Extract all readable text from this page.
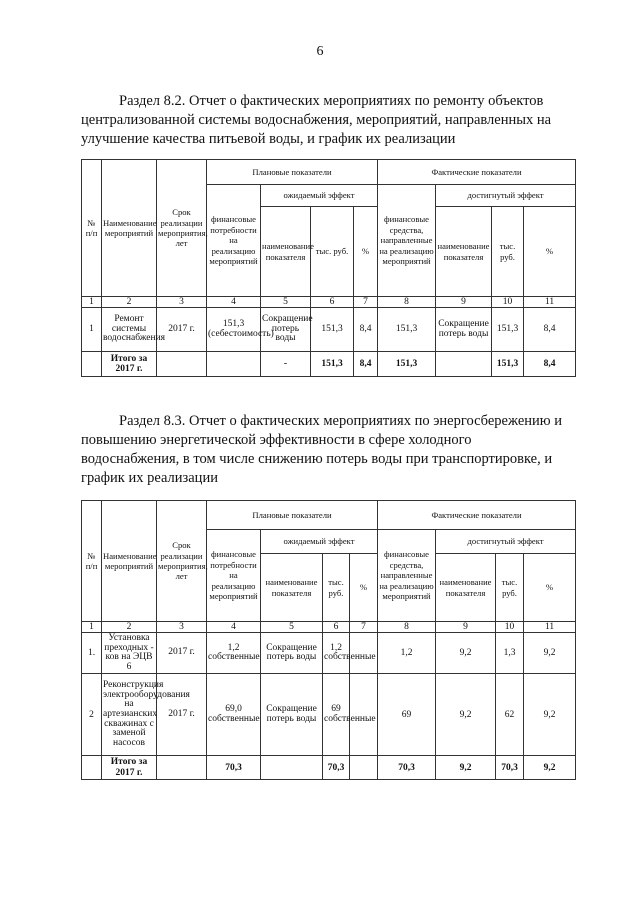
6
Раздел 8.2. Отчет о фактических мероприятиях по ремонту объектов
централизованной системы водоснабжения, мероприятий, направленных на
улучшение качества питьевой воды, и график их реализации
№ п/п	Наименование мероприятий	Срок реализации мероприятия, лет	Плановые показатели				Фактические показатели			
			финансовые потребности на реализацию мероприятий	ожидаемый эффект			финансовые средства, направленные на реализацию мероприятий	достигнутый эффект		
				наименование показателя	тыс. руб.	%		наименование показателя	тыс. руб.	%
1	2	3	4	5	6	7	8	9	10	11
1	Ремонт системы водоснабжения	2017 г.	151,3 (себестоимость)	Сокращение потерь воды	151,3	8,4	151,3	Сокращение потерь воды	151,3	8,4
	Итого за 2017 г.			-	151,3	8,4	151,3		151,3	8,4
Раздел 8.3. Отчет о фактических мероприятиях по энергосбережению и
повышению энергетической эффективности в сфере холодного
водоснабжения, в том числе снижению потерь воды при транспортировке, и
график их реализации
№ п/п	Наименование мероприятий	Срок реализации мероприятия, лет	Плановые показатели				Фактические показатели			
			финансовые потребности на реализацию мероприятий	ожидаемый эффект			финансовые средства, направленные на реализацию мероприятий	достигнутый эффект		
				наименование показателя	тыс. руб.	%		наименование показателя	тыс. руб.	%
1	2	3	4	5	6	7	8	9	10	11
1.	Установка преходных - ков на ЭЦВ 6	2017 г.	1,2 собственные	Сокращение потерь воды	1,2 собственные		1,2	9,2	1,3	9,2
2	Реконструкция электрооборудования на артезианских скважинах с заменой насосов	2017 г.	69,0 собственные	Сокращение потерь воды	69 собственные		69	9,2	62	9,2
	Итого за 2017 г.		70,3		70,3		70,3	9,2	70,3	9,2
